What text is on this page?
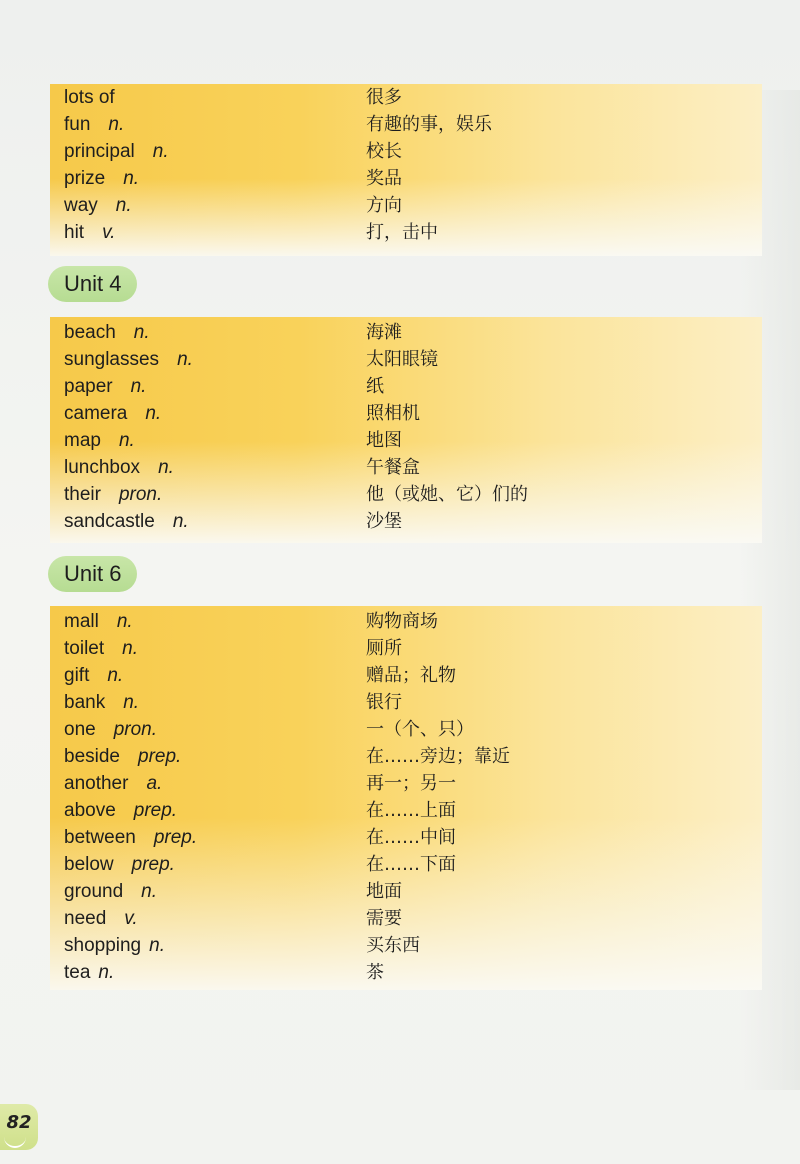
lots of	很多
fun n.	有趣的事，娱乐
principal n.	校长
prize n.	奖品
way n.	方向
hit v.	打，击中
Unit 4
beach n.	海滩
sunglasses n.	太阳眼镜
paper n.	纸
camera n.	照相机
map n.	地图
lunchbox n.	午餐盒
their pron.	他（或她、它）们的
sandcastle n.	沙堡
Unit 6
mall n.	购物商场
toilet n.	厕所
gift n.	赠品；礼物
bank n.	银行
one pron.	一（个、只）
beside prep.	在……旁边；靠近
another a.	再一；另一
above prep.	在……上面
between prep.	在……中间
below prep.	在……下面
ground n.	地面
need v.	需要
shopping n.	买东西
tea n.	茶
82
